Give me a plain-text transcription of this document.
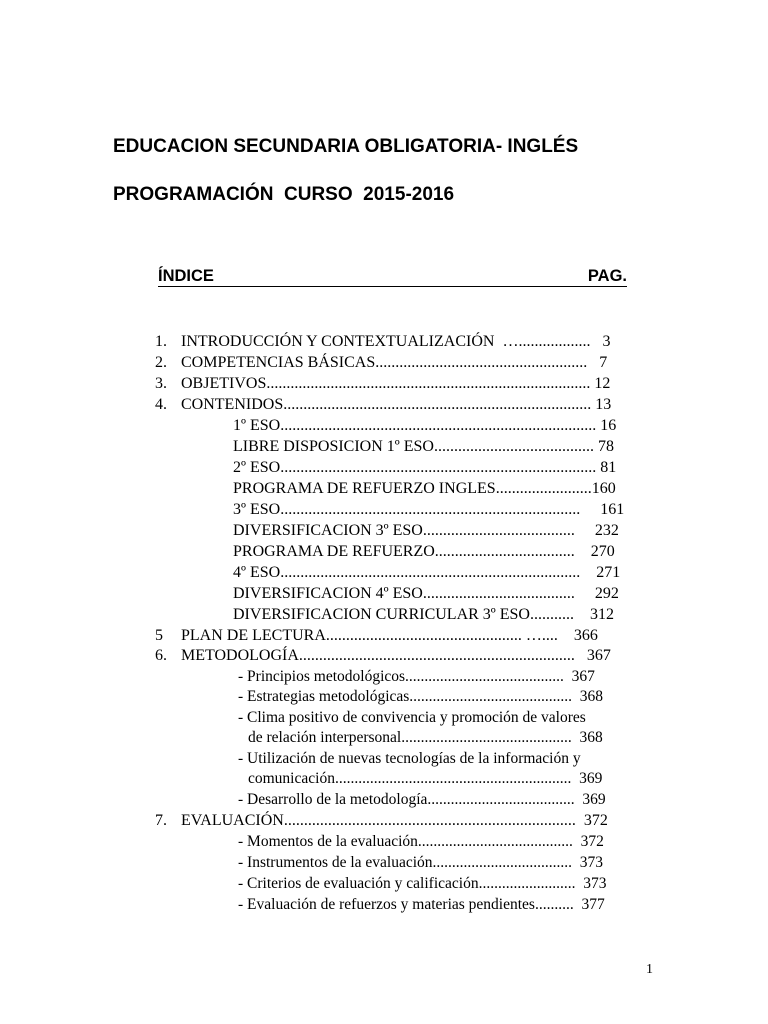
EDUCACION SECUNDARIA OBLIGATORIA- INGLÉS
PROGRAMACIÓN  CURSO  2015-2016
ÍNDICE	PAG.
1. INTRODUCCIÓN Y CONTEXTUALIZACIÓN  …..................   3
2. COMPETENCIAS BÁSICAS.....................................................   7
3. OBJETIVOS................................................................................. 12
4. CONTENIDOS............................................................................. 13
1º ESO............................................................................... 16
LIBRE DISPOSICION 1º ESO........................................ 78
2º ESO............................................................................... 81
PROGRAMA DE REFUERZO INGLES........................160
3º ESO...........................................................................     161
DIVERSIFICACION 3º ESO......................................     232
PROGRAMA DE REFUERZO...................................    270
4º ESO...........................................................................    271
DIVERSIFICACION 4º ESO......................................     292
DIVERSIFICACION CURRICULAR 3º ESO...........    312
5 PLAN DE LECTURA................................................. …....    366
6. METODOLOGÍA.....................................................................   367
- Principios metodológicos.........................................  367
- Estrategias metodológicas..........................................  368
- Clima positivo de convivencia y promoción de valores
de relación interpersonal............................................  368
- Utilización de nuevas tecnologías de la información y
comunicación.............................................................  369
- Desarrollo de la metodología......................................  369
7. EVALUACIÓN.........................................................................  372
- Momentos de la evaluación........................................  372
- Instrumentos de la evaluación....................................  373
- Criterios de evaluación y calificación.........................  373
- Evaluación de refuerzos y materias pendientes..........  377
1
